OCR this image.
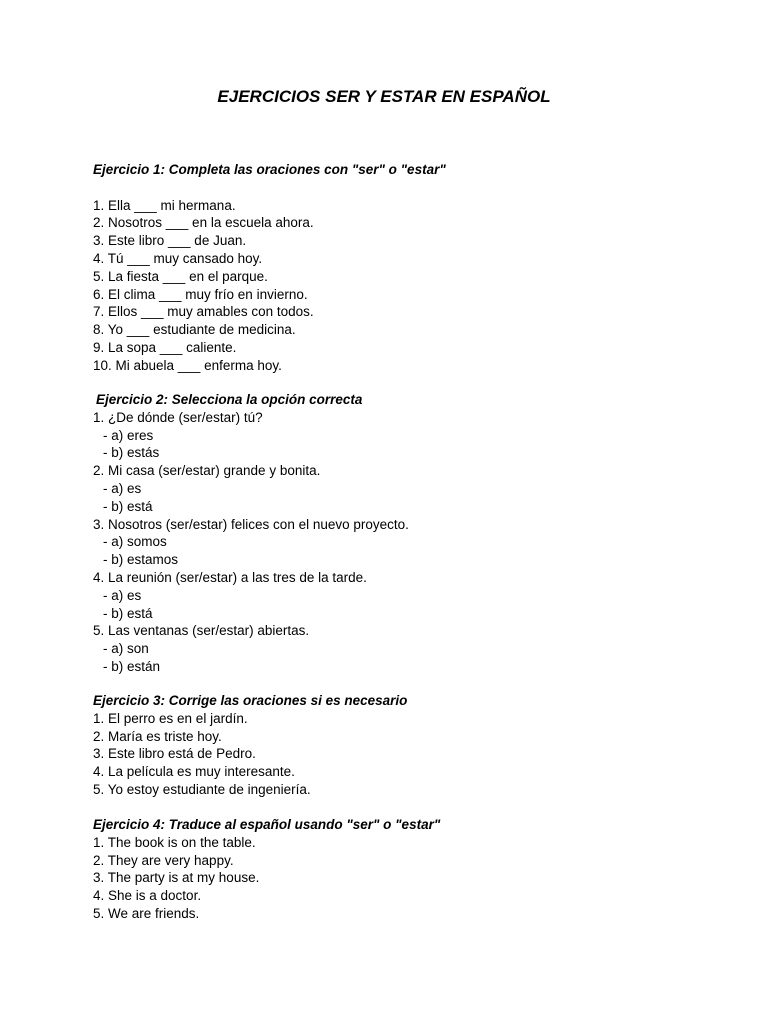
EJERCICIOS SER Y ESTAR EN ESPAÑOL

Ejercicio 1: Completa las oraciones con "ser" o "estar"

1. Ella ___ mi hermana.

2. Nosotros ___ en la escuela ahora.

3. Este libro ___ de Juan.

4. Tú ___ muy cansado hoy.

5. La fiesta ___ en el parque.

6. El clima ___ muy frío en invierno.

7. Ellos ___ muy amables con todos.

8. Yo ___ estudiante de medicina.

9. La sopa ___ caliente.

10. Mi abuela ___ enferma hoy.

Ejercicio 2: Selecciona la opción correcta

1. ¿De dónde (ser/estar) tú?

- a) eres

- b) estás

2. Mi casa (ser/estar) grande y bonita.

- a) es

- b) está

3. Nosotros (ser/estar) felices con el nuevo proyecto.

- a) somos

- b) estamos

4. La reunión (ser/estar) a las tres de la tarde.

- a) es

- b) está

5. Las ventanas (ser/estar) abiertas.

- a) son

- b) están

Ejercicio 3: Corrige las oraciones si es necesario

1. El perro es en el jardín.

2. María es triste hoy.

3. Este libro está de Pedro.

4. La película es muy interesante.

5. Yo estoy estudiante de ingeniería.

Ejercicio 4: Traduce al español usando "ser" o "estar"

1. The book is on the table.

2. They are very happy.

3. The party is at my house.

4. She is a doctor.

5. We are friends.
